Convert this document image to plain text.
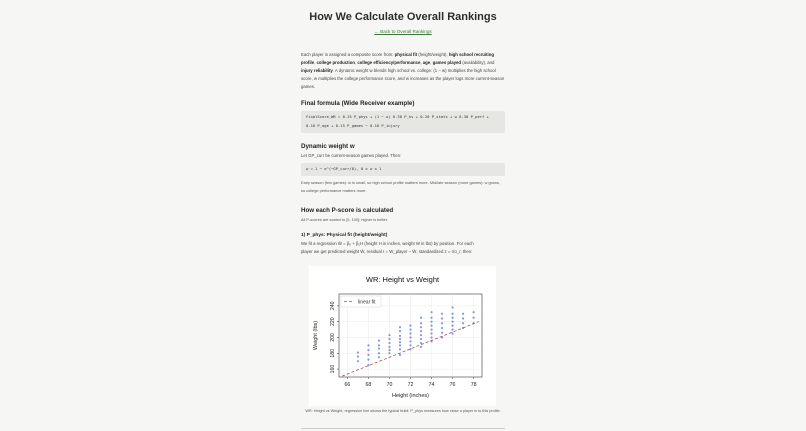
How We Calculate Overall Rankings
← Back to Overall Rankings

Each player is assigned a composite score from: physical fit (height/weight), high school recruiting profile, college production, college efficiency/performance, age, games played (availability), and injury reliability. A dynamic weight w blends high school vs. college: (1 − w) multiplies the high school score, w multiplies the college performance score, and w increases as the player logs more current-season games.

Final formula (Wide Receiver example)
FinalScore_WR = 0.15 P_phys + (1 − w) 0.30 P_hs + 0.20 P_stats + w 0.30 P_perf +
0.10 P_age + 0.15 P_games − 0.10 P_injury
Dynamic weight w

Let GP_curr be current-season games played. Then:

w = 1 − e^(−GP_curr/8), 0 ≤ w ≤ 1

Early season (few games): w is small, so high school profile matters more. Mid/late season (more games): w grows, so college performance matters more.

How each P-score is calculated

All P-scores are scaled to [0, 100]; higher is better.

1) P_phys: Physical fit (height/weight)

We fit a regression Ŵ = β₀ + β₁H (height H in inches, weight W in lbs) by position. For each

player we get predicted weight Ŵ, residual r = W_player − Ŵ, standardized z = r/σ_r, then:

WR: Height vs Weight
66	68	70	72	74	76	78
160
180
200
220
240	linear fit
Height (inches)
Weight (lbs)
WR: Height vs Weight, regression line shows the typical build; P_phys measures how close a player is to this profile.
